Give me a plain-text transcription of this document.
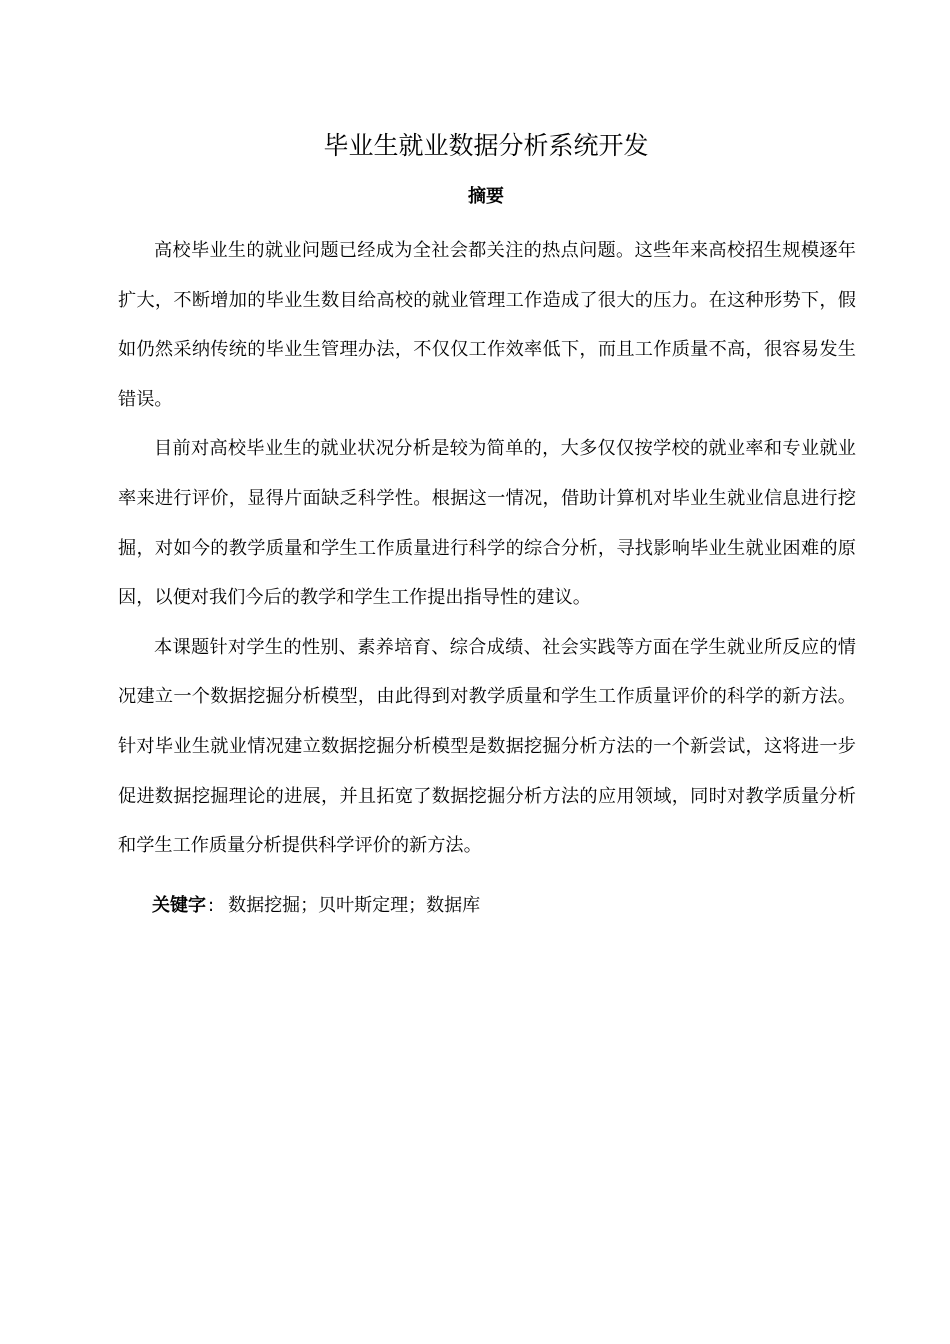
毕业生就业数据分析系统开发
摘要

高校毕业生的就业问题已经成为全社会都关注的热点问题。这些年来高校招生规模逐年扩大，不断增加的毕业生数目给高校的就业管理工作造成了很大的压力。在这种形势下，假如仍然采纳传统的毕业生管理办法，不仅仅工作效率低下，而且工作质量不高，很容易发生错误。

目前对高校毕业生的就业状况分析是较为简单的，大多仅仅按学校的就业率和专业就业率来进行评价，显得片面缺乏科学性。根据这一情况，借助计算机对毕业生就业信息进行挖掘，对如今的教学质量和学生工作质量进行科学的综合分析，寻找影响毕业生就业困难的原因，以便对我们今后的教学和学生工作提出指导性的建议。

本课题针对学生的性别、素养培育、综合成绩、社会实践等方面在学生就业所反应的情况建立一个数据挖掘分析模型，由此得到对教学质量和学生工作质量评价的科学的新方法。针对毕业生就业情况建立数据挖掘分析模型是数据挖掘分析方法的一个新尝试，这将进一步促进数据挖掘理论的进展，并且拓宽了数据挖掘分析方法的应用领域，同时对教学质量分析和学生工作质量分析提供科学评价的新方法。

关键字 : 数据挖掘；贝叶斯定理；数据库
